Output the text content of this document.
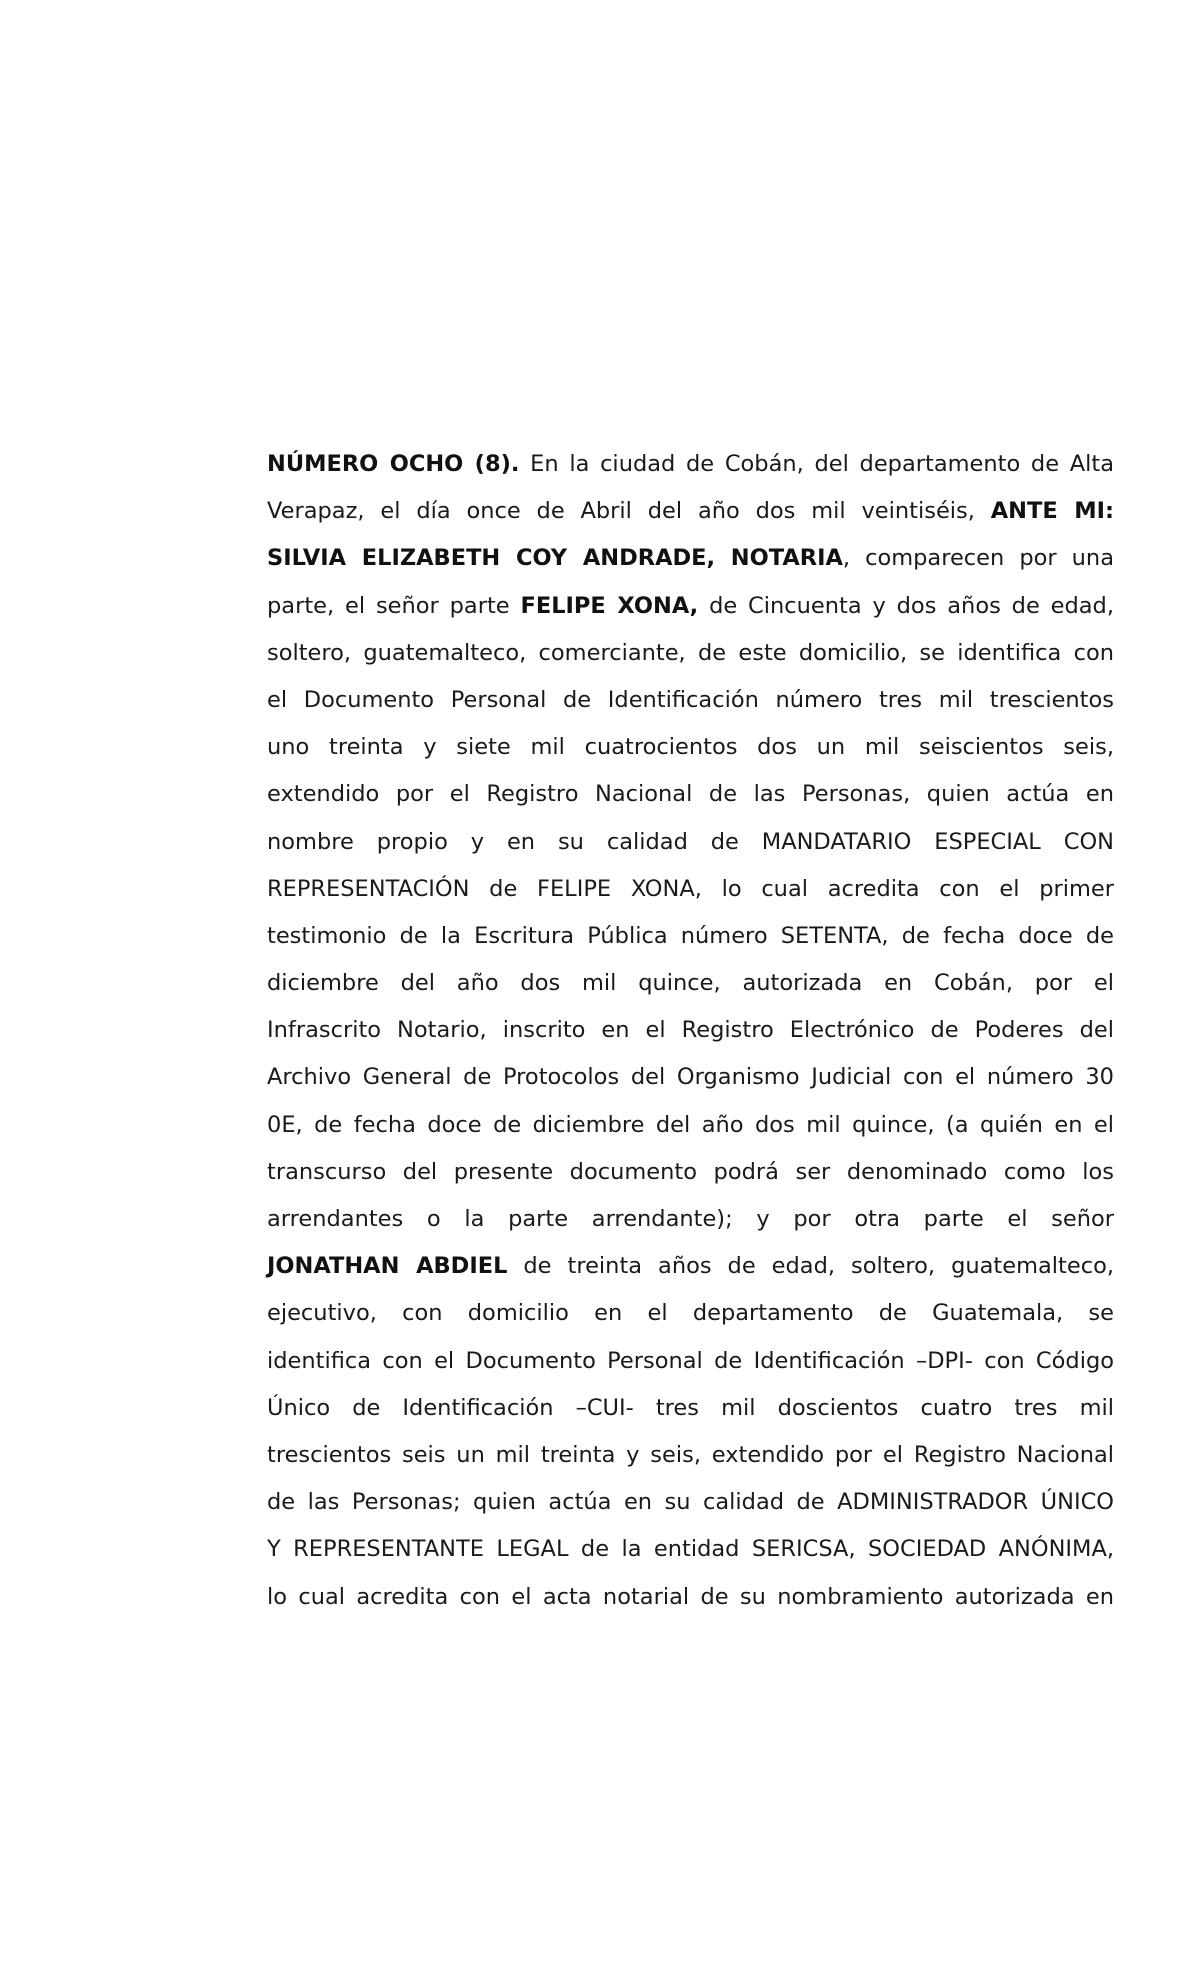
NÚMERO OCHO (8). En la ciudad de Cobán, del departamento de Alta
Verapaz, el día once de Abril del año dos mil veintiséis, ANTE MI:
SILVIA ELIZABETH COY ANDRADE, NOTARIA, comparecen por una
parte, el señor parte FELIPE XONA, de Cincuenta y dos años de edad,
soltero, guatemalteco, comerciante, de este domicilio, se identifica con
el Documento Personal de Identificación número tres mil trescientos
uno treinta y siete mil cuatrocientos dos un mil seiscientos seis,
extendido por el Registro Nacional de las Personas, quien actúa en
nombre propio y en su calidad de MANDATARIO ESPECIAL CON
REPRESENTACIÓN de FELIPE XONA, lo cual acredita con el primer
testimonio de la Escritura Pública número SETENTA, de fecha doce de
diciembre del año dos mil quince, autorizada en Cobán, por el
Infrascrito Notario, inscrito en el Registro Electrónico de Poderes del
Archivo General de Protocolos del Organismo Judicial con el número 30
0E, de fecha doce de diciembre del año dos mil quince, (a quién en el
transcurso del presente documento podrá ser denominado como los
arrendantes o la parte arrendante); y por otra parte el señor
JONATHAN ABDIEL de treinta años de edad, soltero, guatemalteco,
ejecutivo, con domicilio en el departamento de Guatemala, se
identifica con el Documento Personal de Identificación –DPI- con Código
Único de Identificación –CUI- tres mil doscientos cuatro tres mil
trescientos seis un mil treinta y seis, extendido por el Registro Nacional
de las Personas; quien actúa en su calidad de ADMINISTRADOR ÚNICO
Y REPRESENTANTE LEGAL de la entidad SERICSA, SOCIEDAD ANÓNIMA,
lo cual acredita con el acta notarial de su nombramiento autorizada en
